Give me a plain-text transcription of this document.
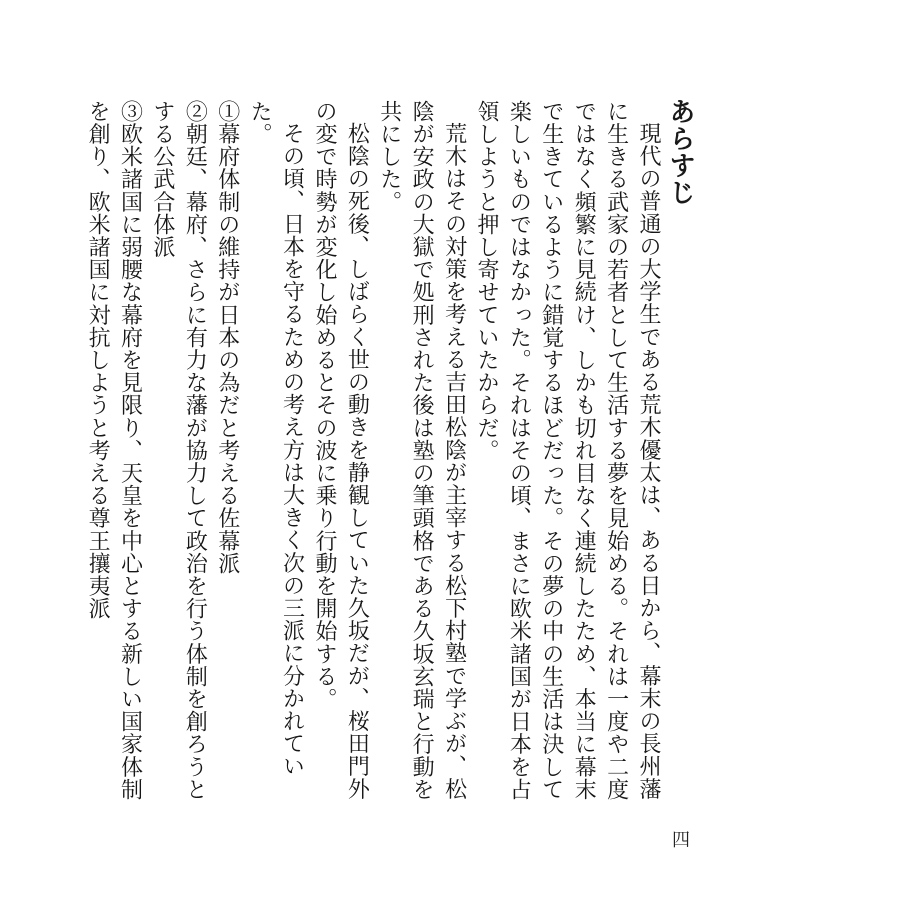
あらすじ

現代の普通の大学生である荒木優太は、ある日から、幕末の長州藩に生きる武家の若者として生活する夢を見始める。それは一度や二度ではなく頻繁に見続け、しかも切れ目なく連続したため、本当に幕末で生きているように錯覚するほどだった。その夢の中の生活は決して楽しいものではなかった。それはその頃、まさに欧米諸国が日本を占領しようと押し寄せていたからだ。

荒木はその対策を考える吉田松陰が主宰する松下村塾で学ぶが、松陰が安政の大獄で処刑された後は塾の筆頭格である久坂玄瑞と行動を共にした。

松陰の死後、しばらく世の動きを静観していた久坂だが、桜田門外の変で時勢が変化し始めるとその波に乗り行動を開始する。

その頃、日本を守るための考え方は大きく次の三派に分かれていた。

①幕府体制の維持が日本の為だと考える佐幕派

②朝廷、幕府、さらに有力な藩が協力して政治を行う体制を創ろうとする公武合体派

③欧米諸国に弱腰な幕府を見限り、天皇を中心とする新しい国家体制を創り、欧米諸国に対抗しようと考える尊王攘夷派

四
